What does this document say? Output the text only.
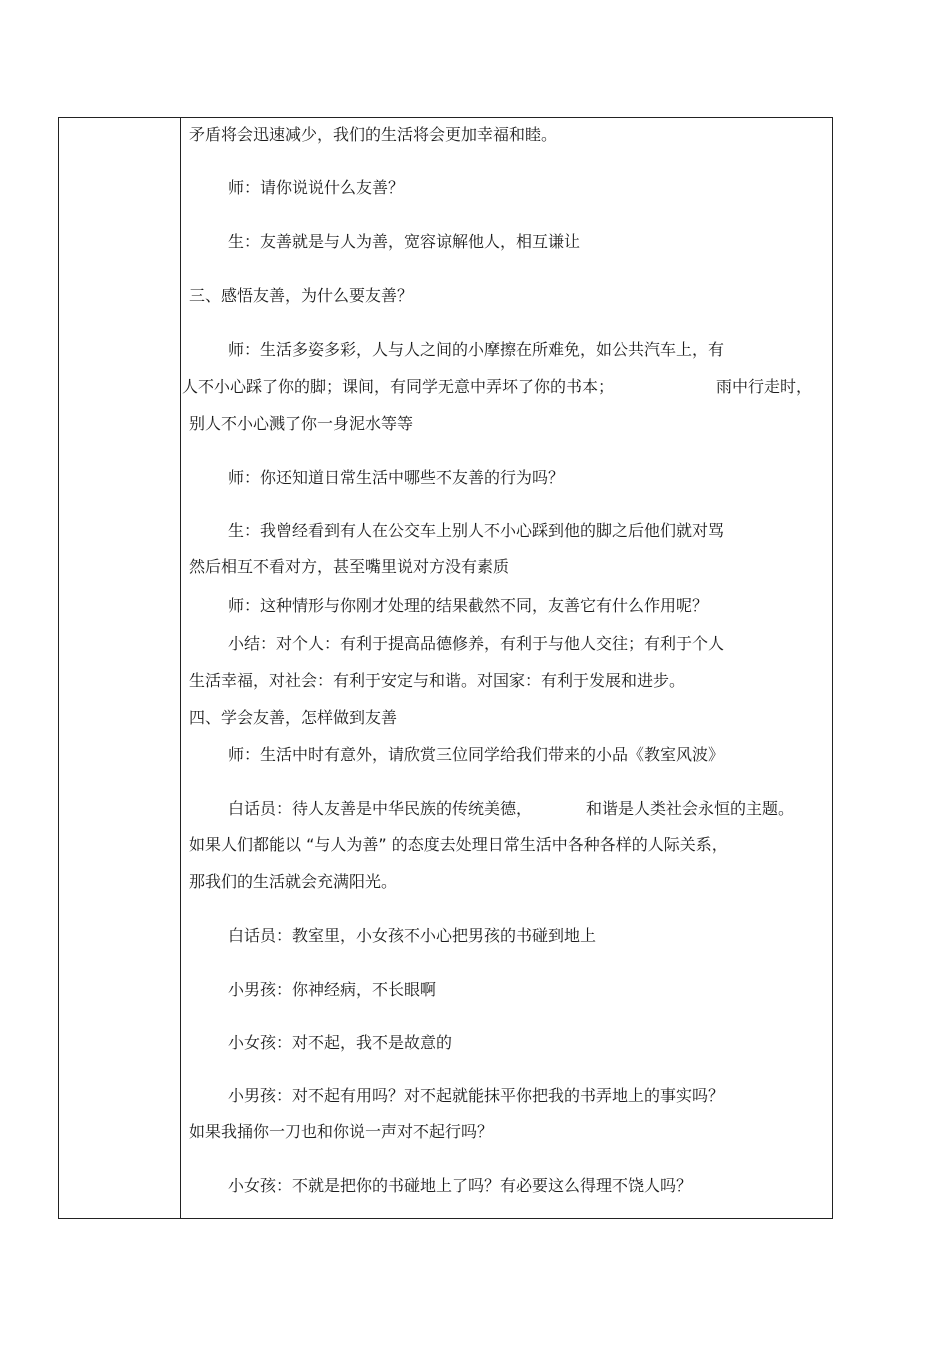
矛盾将会迅速减少，我们的生活将会更加幸福和睦。
师：请你说说什么友善？
生：友善就是与人为善，宽容谅解他人，相互谦让
三、感悟友善，为什么要友善？
师：生活多姿多彩，人与人之间的小摩擦在所难免，如公共汽车上，有
人不小心踩了你的脚；课间，有同学无意中弄坏了你的书本；	雨中行走时，
别人不小心溅了你一身泥水等等
师：你还知道日常生活中哪些不友善的行为吗？
生：我曾经看到有人在公交车上别人不小心踩到他的脚之后他们就对骂
然后相互不看对方，甚至嘴里说对方没有素质
师：这种情形与你刚才处理的结果截然不同，友善它有什么作用呢？
小结：对个人：有利于提高品德修养，有利于与他人交往；有利于个人
生活幸福，对社会：有利于安定与和谐。对国家：有利于发展和进步。
四、学会友善，怎样做到友善
师：生活中时有意外，请欣赏三位同学给我们带来的小品《教室风波》
白话员：待人友善是中华民族的传统美德，	和谐是人类社会永恒的主题。
如果人们都能以 “与人为善” 的态度去处理日常生活中各种各样的人际关系，
那我们的生活就会充满阳光。
白话员：教室里，小女孩不小心把男孩的书碰到地上
小男孩：你神经病，不长眼啊
小女孩：对不起，我不是故意的
小男孩：对不起有用吗？对不起就能抹平你把我的书弄地上的事实吗？
如果我捅你一刀也和你说一声对不起行吗？
小女孩：不就是把你的书碰地上了吗？有必要这么得理不饶人吗？
